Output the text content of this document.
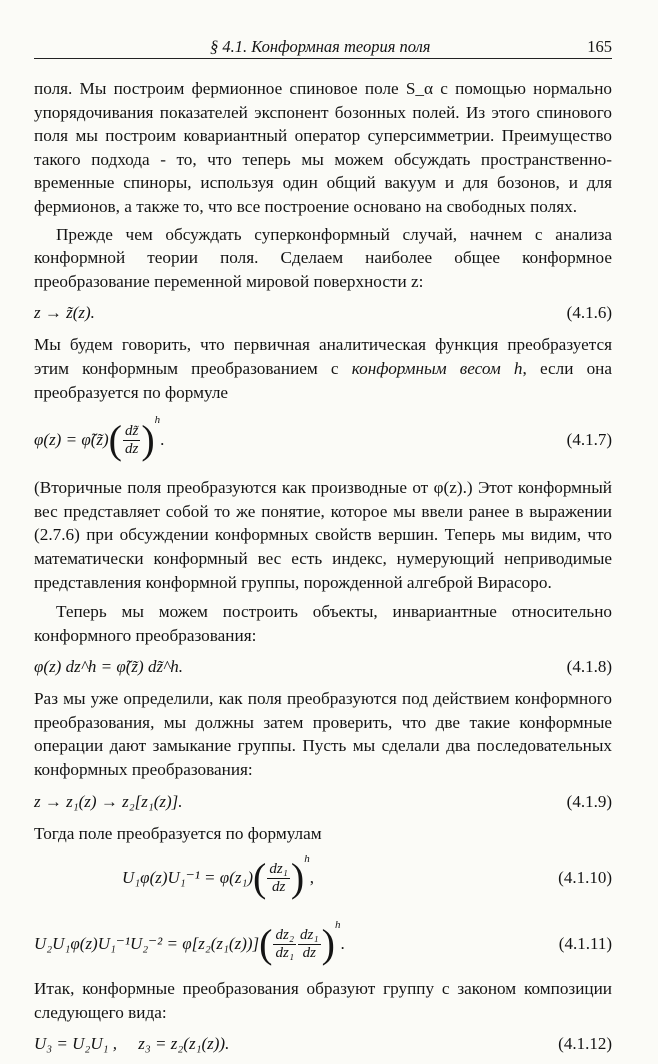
§ 4.1. Конформная теория поля	165

поля. Мы построим фермионное спиновое поле S_α с помощью нормально упорядочивания показателей экспонент бозонных полей. Из этого спинового поля мы построим ковариантный оператор суперсимметрии. Преимущество такого подхода - то, что теперь мы можем обсуждать пространственно-временные спиноры, используя один общий вакуум и для бозонов, и для фермионов, а также то, что все построение основано на свободных полях.

Прежде чем обсуждать суперконформный случай, начнем с анализа конформной теории поля. Сделаем наиболее общее конформное преобразование переменной мировой поверхности z:

z → z̃(z).	(4.1.6)

Мы будем говорить, что первичная аналитическая функция преобразуется этим конформным преобразованием с конформным весом h, если она преобразуется по формуле

φ(z) = φ̃(z̃) ( $\frac{dz̃}{dz} )^h$
.	(4.1.7)

(Вторичные поля преобразуются как производные от φ(z).) Этот конформный вес представляет собой то же понятие, которое мы ввели ранее в выражении (2.7.6) при обсуждении конформных свойств вершин. Теперь мы видим, что математически конформный вес есть индекс, нумерующий неприводимые представления конформной группы, порожденной алгеброй Вирасоро.

Теперь мы можем построить объекты, инвариантные относительно конформного преобразования:

φ(z) dz^h = φ̃(z̃) dz̃^h.	(4.1.8)

Раз мы уже определили, как поля преобразуются под действием конформного преобразования, мы должны затем проверить, что две такие конформные операции дают замыкание группы. Пусть мы сделали два последовательных конформных преобразования:

z → z₁(z) → z₂[z₁(z)].	(4.1.9)

Тогда поле преобразуется по формулам

U₁φ(z)U₁⁻¹ = φ(z₁) ( $\frac{\text{dz₁}}{dz} )^h$
,	(4.1.10)
U₂U₁φ(z)U₁⁻¹U₂⁻² = φ[z₂(z₁(z))] ( $\frac{\text{dz₂}}{\text{dz₁}} \frac{\text{dz₁}}{dz} )^h$
.	(4.1.11)

Итак, конформные преобразования образуют группу с законом композиции следующего вида:

U₃ = U₂U₁ ,     z₃ = z₂(z₁(z)).	(4.1.12)
